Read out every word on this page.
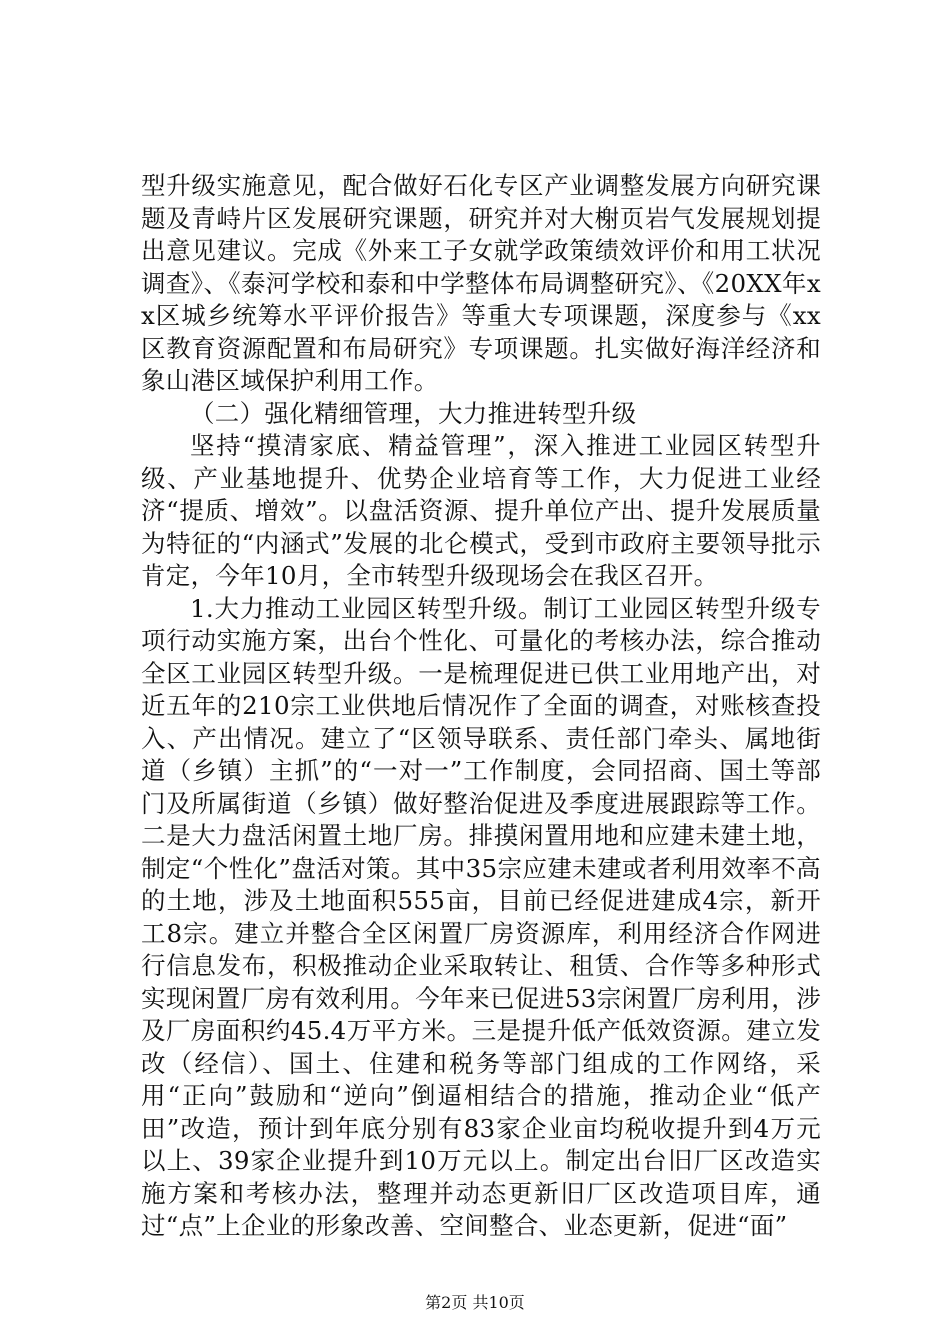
型升级实施意见，配合做好石化专区产业调整发展方向研究课题及青峙片区发展研究课题，研究并对大榭页岩气发展规划提出意见建议。完成《外来工子女就学政策绩效评价和用工状况调查》、《泰河学校和泰和中学整体布局调整研究》、《20XX年xx区城乡统筹水平评价报告》等重大专项课题，深度参与《xx区教育资源配置和布局研究》专项课题。扎实做好海洋经济和象山港区域保护利用工作。

（二）强化精细管理，大力推进转型升级

坚持“摸清家底、精益管理”，深入推进工业园区转型升级、产业基地提升、优势企业培育等工作，大力促进工业经济“提质、增效”。以盘活资源、提升单位产出、提升发展质量为特征的“内涵式”发展的北仑模式，受到市政府主要领导批示肯定，今年10月，全市转型升级现场会在我区召开。

1.大力推动工业园区转型升级。制订工业园区转型升级专项行动实施方案，出台个性化、可量化的考核办法，综合推动全区工业园区转型升级。一是梳理促进已供工业用地产出，对近五年的210宗工业供地后情况作了全面的调查，对账核查投入、产出情况。建立了“区领导联系、责任部门牵头、属地街道（乡镇）主抓”的“一对一”工作制度，会同招商、国土等部门及所属街道（乡镇）做好整治促进及季度进展跟踪等工作。二是大力盘活闲置土地厂房。排摸闲置用地和应建未建土地，制定“个性化”盘活对策。其中35宗应建未建或者利用效率不高的土地，涉及土地面积555亩，目前已经促进建成4宗，新开工8宗。建立并整合全区闲置厂房资源库，利用经济合作网进行信息发布，积极推动企业采取转让、租赁、合作等多种形式实现闲置厂房有效利用。今年来已促进53宗闲置厂房利用，涉及厂房面积约45.4万平方米。三是提升低产低效资源。建立发改（经信）、国土、住建和税务等部门组成的工作网络，采用“正向”鼓励和“逆向”倒逼相结合的措施，推动企业“低产田”改造，预计到年底分别有83家企业亩均税收提升到4万元以上、39家企业提升到10万元以上。制定出台旧厂区改造实施方案和考核办法，整理并动态更新旧厂区改造项目库，通过“点”上企业的形象改善、空间整合、业态更新，促进“面”

第2页 共10页
